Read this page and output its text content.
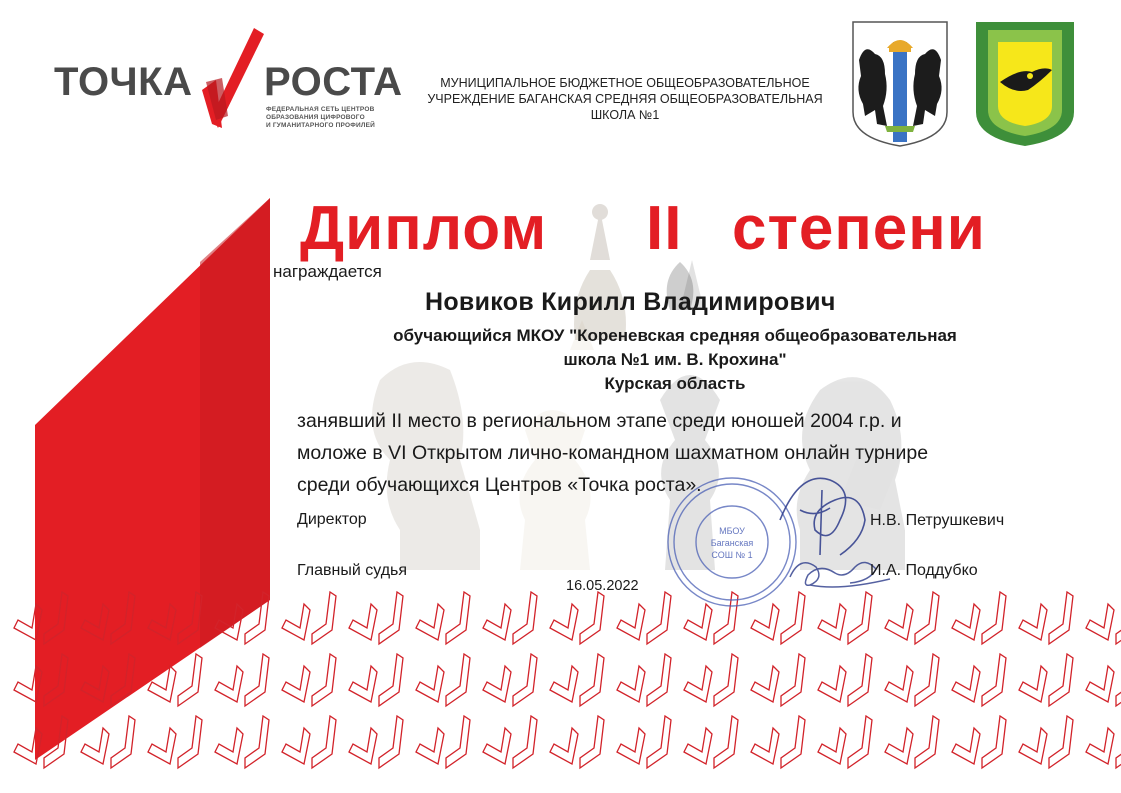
ТОЧКА РОСТА
ФЕДЕРАЛЬНАЯ СЕТЬ ЦЕНТРОВ
ОБРАЗОВАНИЯ ЦИФРОВОГО
И ГУМАНИТАРНОГО ПРОФИЛЕЙ
МУНИЦИПАЛЬНОЕ БЮДЖЕТНОЕ ОБЩЕОБРАЗОВАТЕЛЬНОЕ
УЧРЕЖДЕНИЕ БАГАНСКАЯ СРЕДНЯЯ ОБЩЕОБРАЗОВАТЕЛЬНАЯ
ШКОЛА №1
Диплом II степени
награждается
Новиков Кирилл Владимирович
обучающийся МКОУ "Кореневская средняя общеобразовательная
школа №1 им. В. Крохина"
Курская область
занявший II место в региональном этапе среди юношей 2004 г.р. и
моложе в VI Открытом лично-командном шахматном онлайн турнире
среди обучающихся Центров «Точка роста».
МБОУ
Баганская
СОШ № 1
Директор	Н.В. Петрушкевич
Главный судья	И.А. Поддубко
16.05.2022
